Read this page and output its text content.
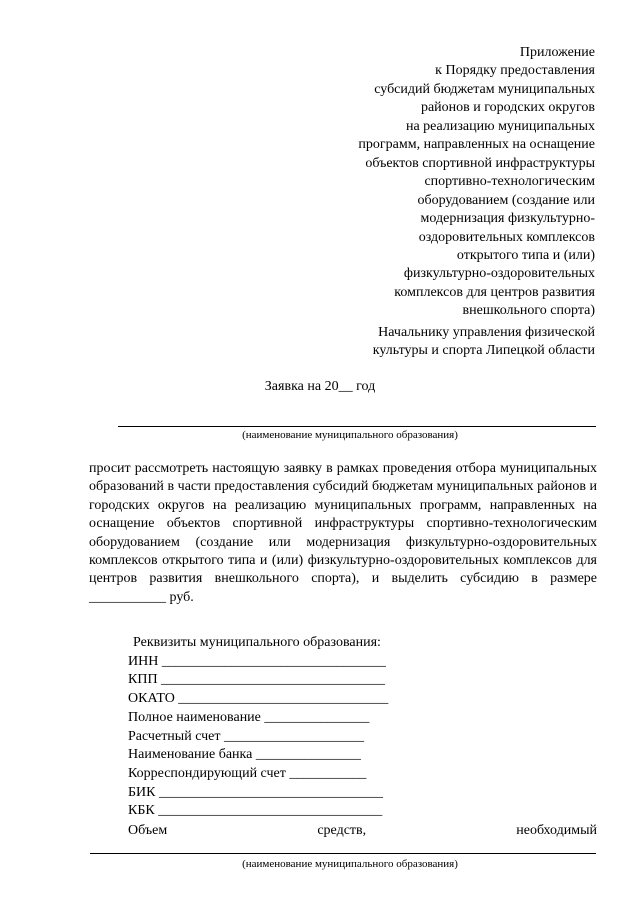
Приложение
к Порядку предоставления
субсидий бюджетам муниципальных
районов и городских округов
на реализацию муниципальных
программ, направленных на оснащение
объектов спортивной инфраструктуры
спортивно-технологическим
оборудованием (создание или
модернизация физкультурно-
оздоровительных комплексов
открытого типа и (или)
физкультурно-оздоровительных
комплексов для центров развития
внешкольного спорта)
Начальнику управления физической
культуры и спорта Липецкой области
Заявка на 20__ год
(наименование муниципального образования)
просит рассмотреть настоящую заявку в рамках проведения отбора муниципальных образований в части предоставления субсидий бюджетам муниципальных районов и городских округов на реализацию муниципальных программ, направленных на оснащение объектов спортивной инфраструктуры спортивно-технологическим оборудованием (создание или модернизация физкультурно-оздоровительных комплексов открытого типа и (или) физкультурно-оздоровительных комплексов для центров развития внешкольного спорта), и выделить субсидию в размере ___________ руб.
Реквизиты муниципального образования:
ИНН ________________________________
КПП ________________________________
ОКАТО ______________________________
Полное наименование _______________
Расчетный счет ____________________
Наименование банка _______________
Корреспондирующий счет ___________
БИК ________________________________
КБК ________________________________
Объем	средств,	необходимый
(наименование муниципального образования)
